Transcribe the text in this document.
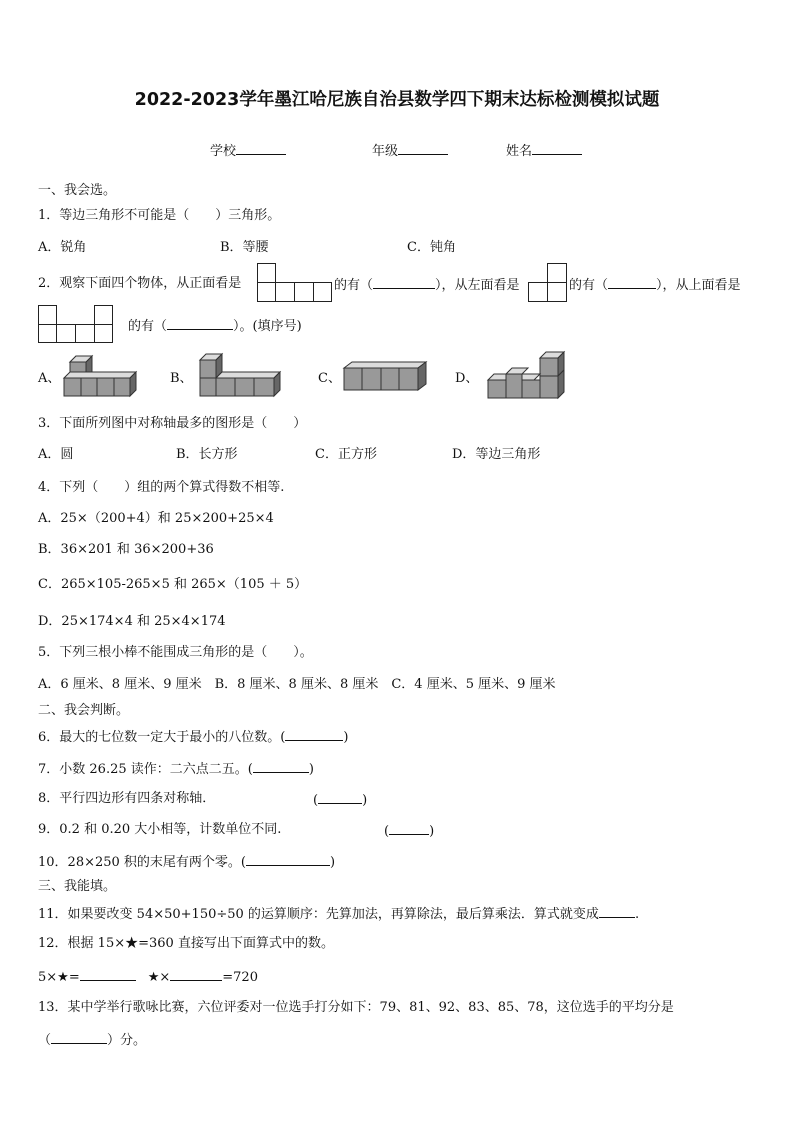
2022-2023学年墨江哈尼族自治县数学四下期末达标检测模拟试题
学校	年级	姓名
一、我会选。
1．等边三角形不可能是（　　）三角形。
A．锐角	B．等腰	C．钝角
2．观察下面四个物体，从正面看是	的有（	），从左面看是	的有（	），从上面看是
的有（	）。(填序号)
A、	B、	C、	D、
3．下面所列图中对称轴最多的图形是（　　）
A．圆	B．长方形	C．正方形	D．等边三角形
4．下列（　　）组的两个算式得数不相等.
A．25×（200+4）和 25×200+25×4
B．36×201 和 36×200+36
C．265×105-265×5 和 265×（105 ＋ 5）
D．25×174×4 和 25×4×174
5．下列三根小棒不能围成三角形的是（　　）。
A．6 厘米、8 厘米、9 厘米　B．8 厘米、8 厘米、8 厘米　C．4 厘米、5 厘米、9 厘米
二、我会判断。
6．最大的七位数一定大于最小的八位数。(	)
7．小数 26.25 读作：二六点二五。(	)
8．平行四边形有四条对称轴．	(	)
9．0.2 和 0.20 大小相等，计数单位不同.	(	)
10．28×250 积的末尾有两个零。(	)
三、我能填。
11．如果要改变 54×50+150÷50 的运算顺序：先算加法，再算除法，最后算乘法．算式就变成	.
12．根据 15×★=360 直接写出下面算式中的数。
5×★=	★×	=720
13．某中学举行歌咏比赛，六位评委对一位选手打分如下：79、81、92、83、85、78，这位选手的平均分是
（	）分。
